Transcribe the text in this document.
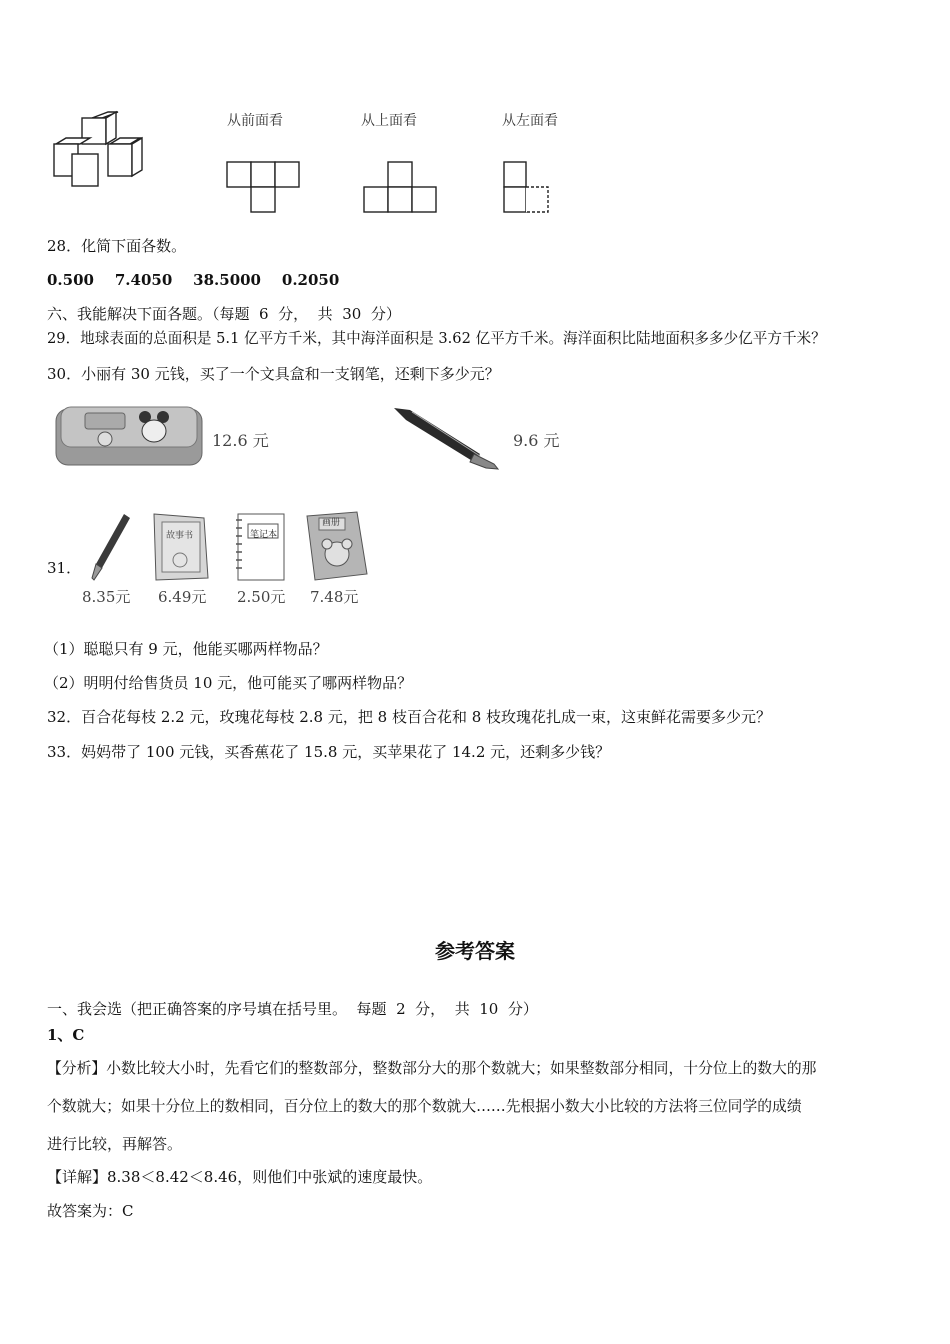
从前面看	从上面看	从左面看
28．化简下面各数。
0.500    7.4050    38.5000    0.2050
六、我能解决下面各题。（每题  6  分，  共  30  分）
29．地球表面的总面积是 5.1 亿平方千米，其中海洋面积是 3.62 亿平方千米。海洋面积比陆地面积多多少亿平方千米？
30．小丽有 30 元钱，买了一个文具盒和一支钢笔，还剩下多少元？
12.6 元	9.6 元
31．
故事书	笔记本
画册
8.35元 6.49元 2.50元 7.48元
（1）聪聪只有 9 元，他能买哪两样物品？
（2）明明付给售货员 10 元，他可能买了哪两样物品？
32．百合花每枝 2.2 元，玫瑰花每枝 2.8 元，把 8 枝百合花和 8 枝玫瑰花扎成一束，这束鲜花需要多少元？
33．妈妈带了 100 元钱，买香蕉花了 15.8 元，买苹果花了 14.2 元，还剩多少钱？
参考答案
一、我会选（把正确答案的序号填在括号里。  每题  2  分，  共  10  分）
1、C
【分析】小数比较大小时，先看它们的整数部分，整数部分大的那个数就大；如果整数部分相同，十分位上的数大的那
个数就大；如果十分位上的数相同，百分位上的数大的那个数就大……先根据小数大小比较的方法将三位同学的成绩
进行比较，再解答。
【详解】8.38＜8.42＜8.46，则他们中张斌的速度最快。
故答案为：C
